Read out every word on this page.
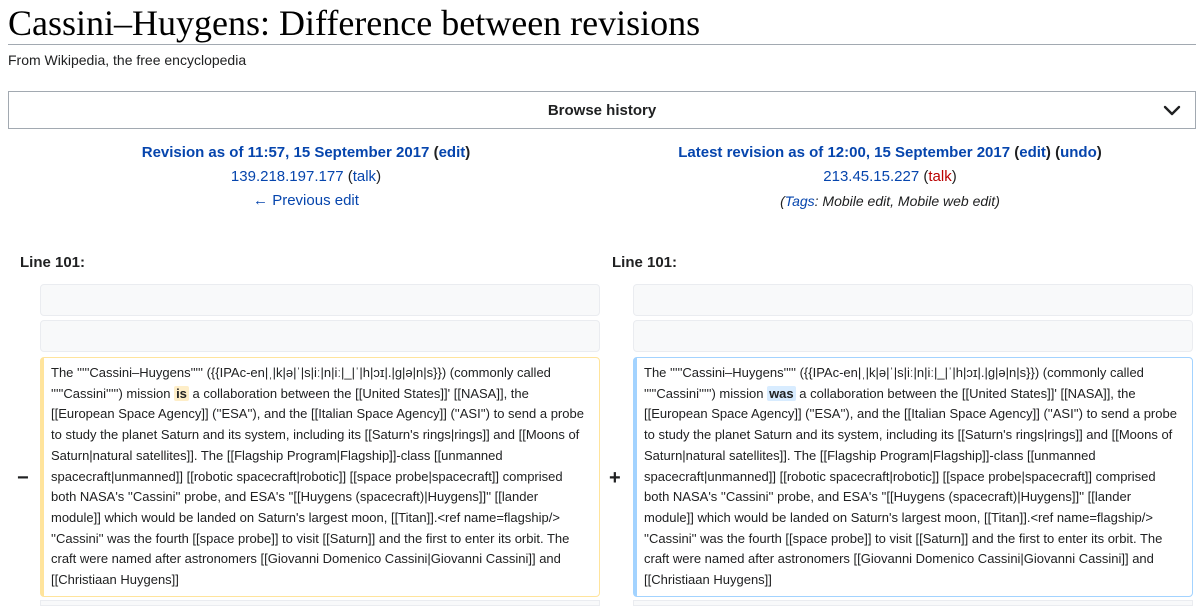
Cassini–Huygens: Difference between revisions
From Wikipedia, the free encyclopedia
Browse history
Revision as of 11:57, 15 September 2017 (edit)
139.218.197.177 (talk)
← Previous edit
Latest revision as of 12:00, 15 September 2017 (edit) (undo)
213.45.15.227 (talk)
(Tags: Mobile edit, Mobile web edit)
Line 101:	Line 101:
−	+
The '''''Cassini–Huygens''''' ({{IPAc-en|ˌ|k|ə|ˈ|s|iː|n|iː|_|ˈ|h|ɔɪ|.|ɡ|ə|n|s}}) (commonly called '''''Cassini''''') mission is a collaboration between the [[United States]]' [[NASA]], the [[European Space Agency]] (''ESA''), and the [[Italian Space Agency]] (''ASI'') to send a probe to study the planet Saturn and its system, including its [[Saturn's rings|rings]] and [[Moons of Saturn|natural satellites]]. The [[Flagship Program|Flagship]]-class [[unmanned spacecraft|unmanned]] [[robotic spacecraft|robotic]] [[space probe|spacecraft]] comprised both NASA's ''Cassini'' probe, and ESA's ''[[Huygens (spacecraft)|Huygens]]'' [[lander module]] which would be landed on Saturn's largest moon, [[Titan]].<ref name=flagship/> ''Cassini'' was the fourth [[space probe]] to visit [[Saturn]] and the first to enter its orbit. The craft were named after astronomers [[Giovanni Domenico Cassini|Giovanni Cassini]] and [[Christiaan Huygens]]
The '''''Cassini–Huygens''''' ({{IPAc-en|ˌ|k|ə|ˈ|s|iː|n|iː|_|ˈ|h|ɔɪ|.|ɡ|ə|n|s}}) (commonly called '''''Cassini''''') mission was a collaboration between the [[United States]]' [[NASA]], the [[European Space Agency]] (''ESA''), and the [[Italian Space Agency]] (''ASI'') to send a probe to study the planet Saturn and its system, including its [[Saturn's rings|rings]] and [[Moons of Saturn|natural satellites]]. The [[Flagship Program|Flagship]]-class [[unmanned spacecraft|unmanned]] [[robotic spacecraft|robotic]] [[space probe|spacecraft]] comprised both NASA's ''Cassini'' probe, and ESA's ''[[Huygens (spacecraft)|Huygens]]'' [[lander module]] which would be landed on Saturn's largest moon, [[Titan]].<ref name=flagship/> ''Cassini'' was the fourth [[space probe]] to visit [[Saturn]] and the first to enter its orbit. The craft were named after astronomers [[Giovanni Domenico Cassini|Giovanni Cassini]] and [[Christiaan Huygens]]
